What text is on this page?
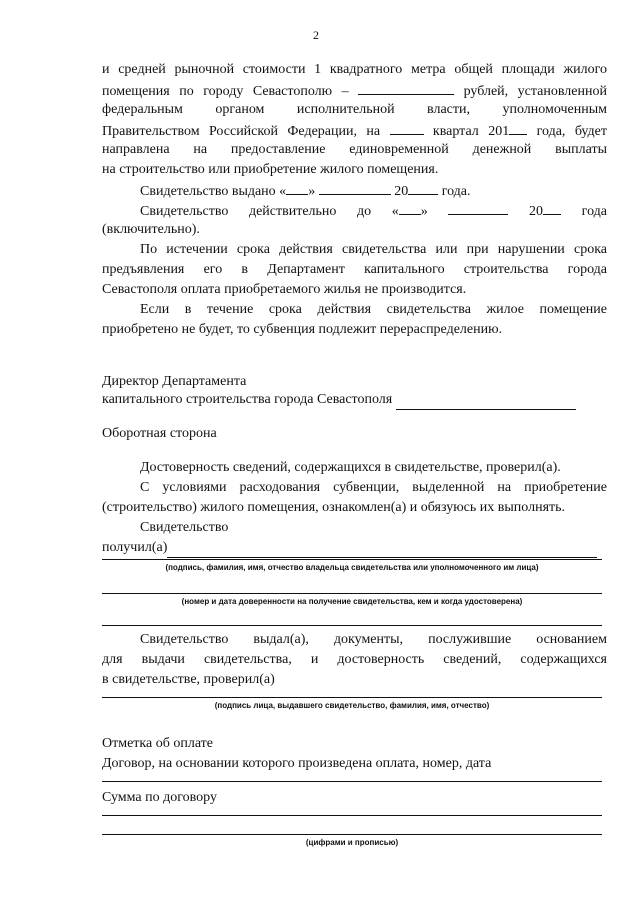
2
и средней рыночной стоимости 1 квадратного метра общей площади жилого
помещения по городу Севастополю –	рублей, установленной
федеральным органом исполнительной власти, уполномоченным
Правительством Российской Федерации, на	квартал 201 года, будет
направлена на предоставление единовременной денежной выплаты
на строительство или приобретение жилого помещения.
Свидетельство выдано « »	20 года.
Свидетельство действительно до « »	20	года
(включительно).
По истечении срока действия свидетельства или при нарушении срока
предъявления его в Департамент капитального строительства города
Севастополя оплата приобретаемого жилья не производится.
Если в течение срока действия свидетельства жилое помещение
приобретено не будет, то субвенция подлежит перераспределению.
Директор Департамента
капитального строительства города Севастополя
Оборотная сторона
Достоверность сведений, содержащихся в свидетельстве, проверил(а).
С условиями расходования субвенции, выделенной на приобретение
(строительство) жилого помещения, ознакомлен(а) и обязуюсь их выполнять.
Свидетельство
получил(а)
(подпись, фамилия, имя, отчество владельца свидетельства или уполномоченного им лица)
(номер и дата доверенности на получение свидетельства, кем и когда удостоверена)
Свидетельство выдал(а), документы, послужившие основанием
для выдачи свидетельства, и достоверность сведений, содержащихся
в свидетельстве, проверил(а)
(подпись лица, выдавшего свидетельство, фамилия, имя, отчество)
Отметка об оплате
Договор, на основании которого произведена оплата, номер, дата
Сумма по договору
(цифрами и прописью)
